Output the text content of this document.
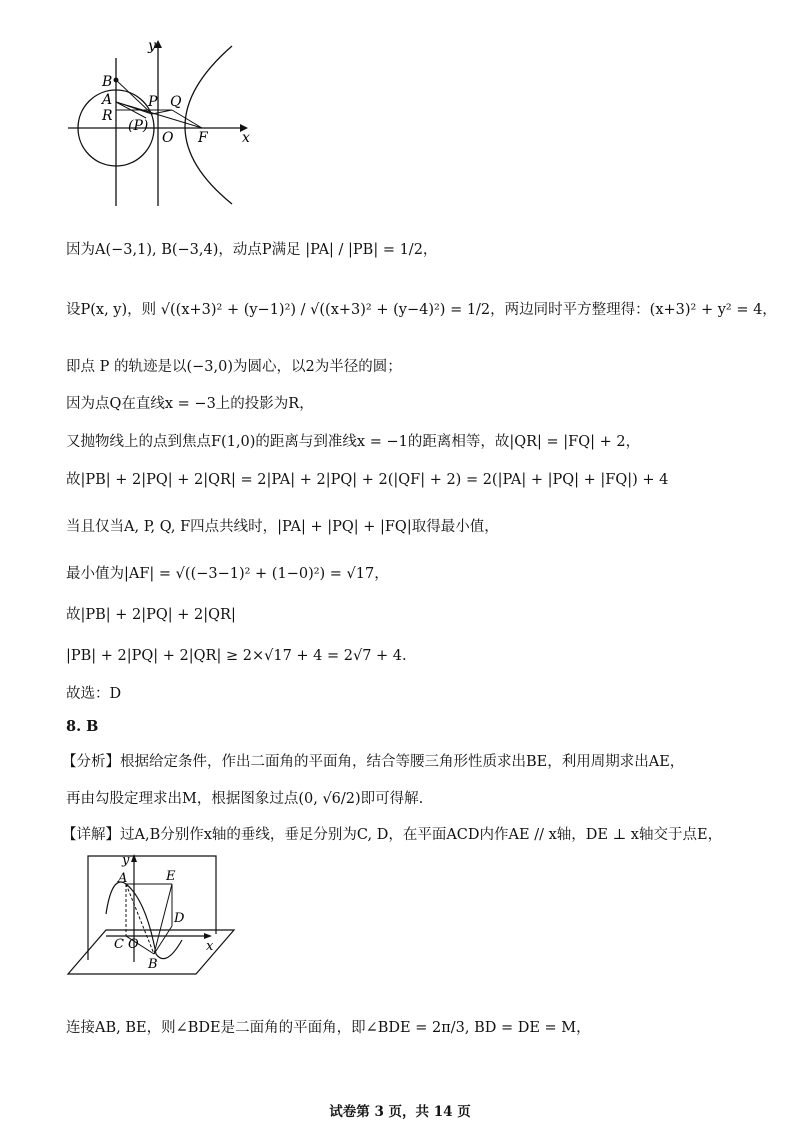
y
x
B
A
R
P Q
(P)
O F
因为A(−3,1), B(−3,4)，动点P满足 |PA| / |PB| = 1/2，
设P(x, y)，则 √((x+3)² + (y−1)²) / √((x+3)² + (y−4)²) = 1/2，两边同时平方整理得：(x+3)² + y² = 4，
即点 P 的轨迹是以(−3,0)为圆心，以2为半径的圆；
因为点Q在直线x = −3上的投影为R，
又抛物线上的点到焦点F(1,0)的距离与到准线x = −1的距离相等，故|QR| = |FQ| + 2，
故|PB| + 2|PQ| + 2|QR| = 2|PA| + 2|PQ| + 2(|QF| + 2) = 2(|PA| + |PQ| + |FQ|) + 4
当且仅当A, P, Q, F四点共线时，|PA| + |PQ| + |FQ|取得最小值，
最小值为|AF| = √((−3−1)² + (1−0)²) = √17，
故|PB| + 2|PQ| + 2|QR|
|PB| + 2|PQ| + 2|QR| ≥ 2×√17 + 4 = 2√7 + 4.
故选：D
8. B
【分析】根据给定条件，作出二面角的平面角，结合等腰三角形性质求出BE，利用周期求出AE，
再由勾股定理求出M，根据图象过点(0, √6/2)即可得解.
【详解】过A,B分别作x轴的垂线，垂足分别为C, D，在平面ACD内作AE // x轴，DE ⊥ x轴交于点E，
y
x
A	E
D
C O
B
连接AB, BE，则∠BDE是二面角的平面角，即∠BDE = 2π/3, BD = DE = M，
试卷第 3 页，共 14 页
